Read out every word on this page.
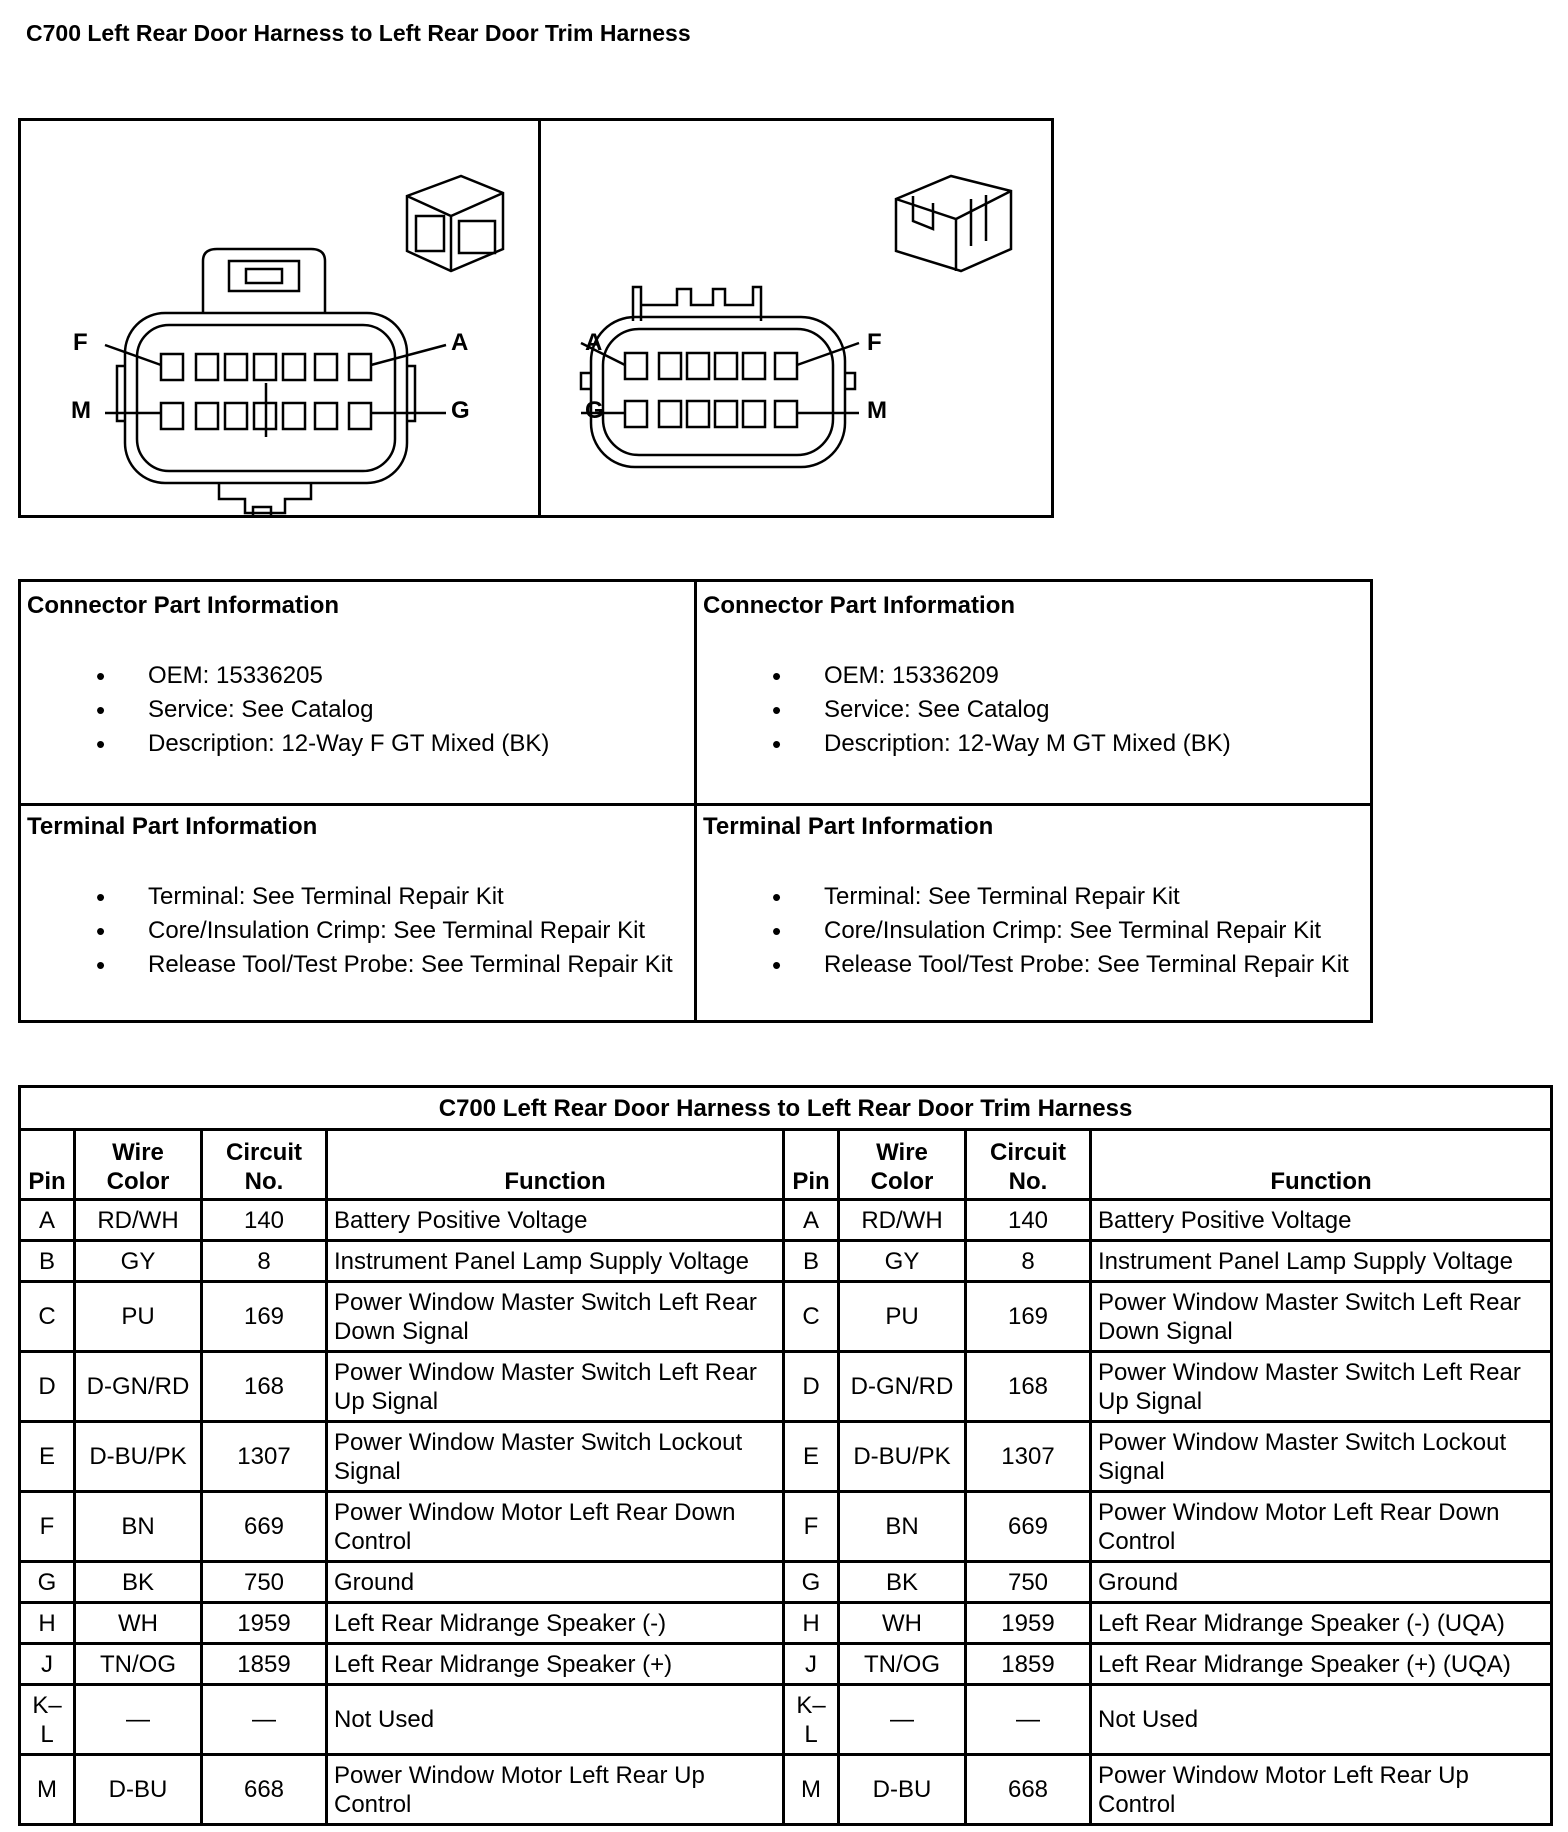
C700 Left Rear Door Harness to Left Rear Door Trim Harness
F	A
M	G
A	F
G	M
Connector Part Information
• OEM: 15336205
• Service: See Catalog
• Description: 12-Way F GT Mixed (BK)
Connector Part Information
• OEM: 15336209
• Service: See Catalog
• Description: 12-Way M GT Mixed (BK)
Terminal Part Information
• Terminal: See Terminal Repair Kit
• Core/Insulation Crimp: See Terminal Repair Kit
• Release Tool/Test Probe: See Terminal Repair Kit
Terminal Part Information
• Terminal: See Terminal Repair Kit
• Core/Insulation Crimp: See Terminal Repair Kit
• Release Tool/Test Probe: See Terminal Repair Kit
C700 Left Rear Door Harness to Left Rear Door Trim Harness							
Pin	Wire Color	Circuit No.	Function	Pin	Wire Color	Circuit No.	Function
A	RD/WH	140	Battery Positive Voltage	A	RD/WH	140	Battery Positive Voltage
B	GY	8	Instrument Panel Lamp Supply Voltage	B	GY	8	Instrument Panel Lamp Supply Voltage
C	PU	169	Power Window Master Switch Left Rear Down Signal	C	PU	169	Power Window Master Switch Left Rear Down Signal
D	D-GN/RD	168	Power Window Master Switch Left Rear Up Signal	D	D-GN/RD	168	Power Window Master Switch Left Rear Up Signal
E	D-BU/PK	1307	Power Window Master Switch Lockout Signal	E	D-BU/PK	1307	Power Window Master Switch Lockout Signal
F	BN	669	Power Window Motor Left Rear Down Control	F	BN	669	Power Window Motor Left Rear Down Control
G	BK	750	Ground	G	BK	750	Ground
H	WH	1959	Left Rear Midrange Speaker (-)	H	WH	1959	Left Rear Midrange Speaker (-) (UQA)
J	TN/OG	1859	Left Rear Midrange Speaker (+)	J	TN/OG	1859	Left Rear Midrange Speaker (+) (UQA)
K–L	—	—	Not Used	K–L	—	—	Not Used
M	D-BU	668	Power Window Motor Left Rear Up Control	M	D-BU	668	Power Window Motor Left Rear Up Control
